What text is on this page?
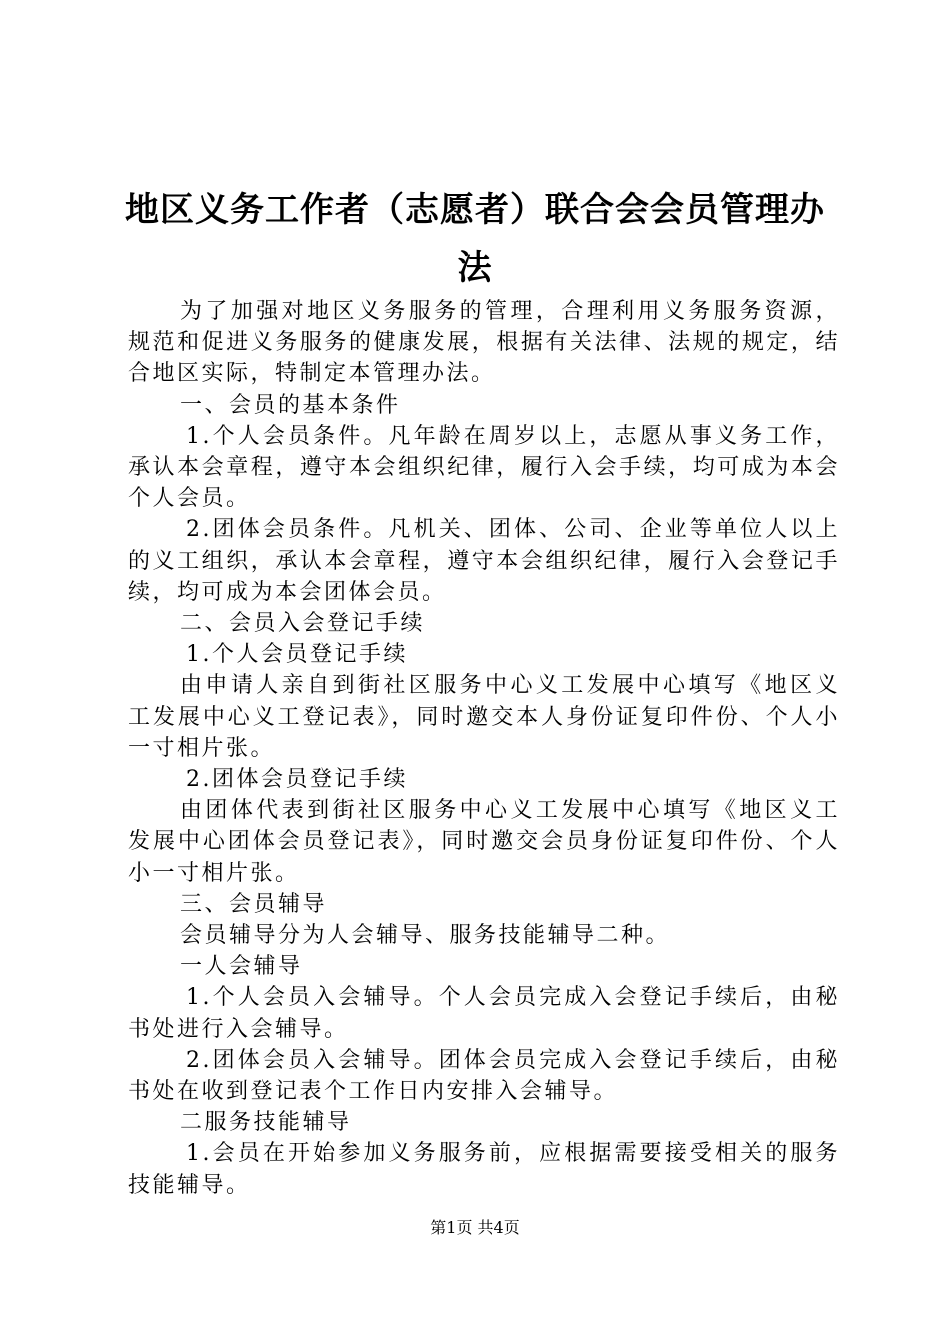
地区义务工作者（志愿者）联合会会员管理办
法

为了加强对地区义务服务的管理，合理利用义务服务资源，规范和促进义务服务的健康发展，根据有关法律、法规的规定，结合地区实际，特制定本管理办法。

一、会员的基本条件

1.个人会员条件。凡年龄在周岁以上，志愿从事义务工作，承认本会章程，遵守本会组织纪律，履行入会手续，均可成为本会个人会员。

2.团体会员条件。凡机关、团体、公司、企业等单位人以上的义工组织，承认本会章程，遵守本会组织纪律，履行入会登记手续，均可成为本会团体会员。

二、会员入会登记手续

1.个人会员登记手续

由申请人亲自到街社区服务中心义工发展中心填写《地区义工发展中心义工登记表》，同时邀交本人身份证复印件份、个人小一寸相片张。

2.团体会员登记手续

由团体代表到街社区服务中心义工发展中心填写《地区义工发展中心团体会员登记表》，同时邀交会员身份证复印件份、个人小一寸相片张。

三、会员辅导

会员辅导分为人会辅导、服务技能辅导二种。

一人会辅导

1.个人会员入会辅导。个人会员完成入会登记手续后，由秘书处进行入会辅导。

2.团体会员入会辅导。团体会员完成入会登记手续后，由秘书处在收到登记表个工作日内安排入会辅导。

二服务技能辅导

1.会员在开始参加义务服务前，应根据需要接受相关的服务技能辅导。

第1页 共4页
